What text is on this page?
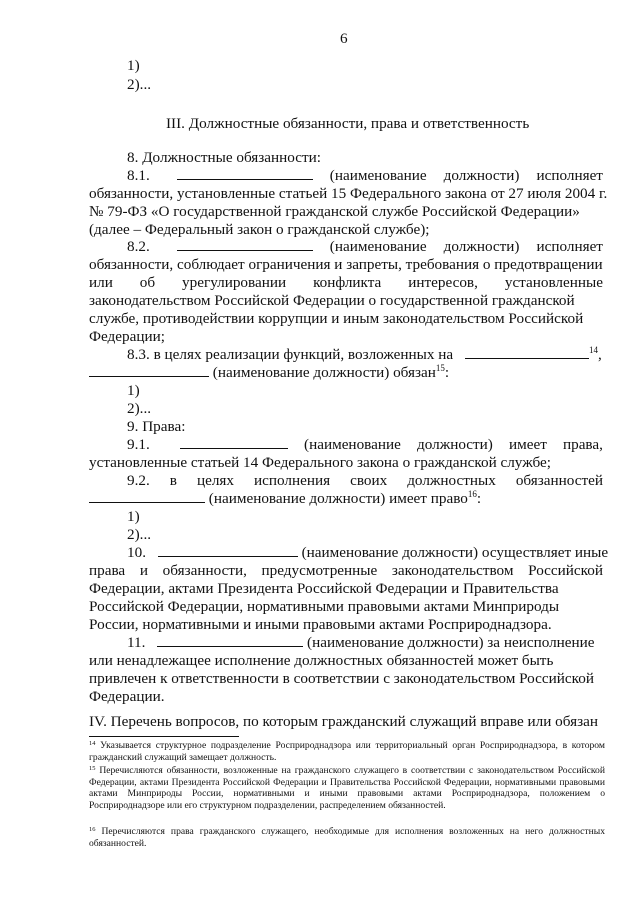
6
1)
2)...
III. Должностные обязанности, права и ответственность
8. Должностные обязанности:
8.1.	(наименование должности) исполняет
обязанности, установленные статьей 15 Федерального закона от 27 июля 2004 г.
№ 79-ФЗ «О государственной гражданской службе Российской Федерации»
(далее – Федеральный закон о гражданской службе);
8.2.	(наименование должности) исполняет
обязанности, соблюдает ограничения и запреты, требования о предотвращении
или об урегулировании конфликта интересов, установленные
законодательством Российской Федерации о государственной гражданской
службе, противодействии коррупции и иным законодательством Российской
Федерации;
8.3. в целях реализации функций, возложенных на	$^{14}$,
(наименование должности) обязан$^{15}$:
1)
2)...
9. Права:
9.1.	(наименование должности) имеет права,
установленные статьей 14 Федерального закона о гражданской службе;
9.2. в целях исполнения своих должностных обязанностей
(наименование должности) имеет право$^{16}$:
1)
2)...
10.	(наименование должности) осуществляет иные
права и обязанности, предусмотренные законодательством Российской
Федерации, актами Президента Российской Федерации и Правительства
Российской Федерации, нормативными правовыми актами Минприроды
России, нормативными и иными правовыми актами Росприроднадзора.
11.	(наименование должности) за неисполнение
или ненадлежащее исполнение должностных обязанностей может быть
привлечен к ответственности в соответствии с законодательством Российской
Федерации.
IV. Перечень вопросов, по которым гражданский служащий вправе или обязан
$^{14}$ Указывается структурное подразделение Росприроднадзора или территориальный орган Росприроднадзора, в котором гражданский служащий замещает должность.
$^{15}$ Перечисляются обязанности, возложенные на гражданского служащего в соответствии с законодательством Российской Федерации, актами Президента Российской Федерации и Правительства Российской Федерации, нормативными правовыми актами Минприроды России, нормативными и иными правовыми актами Росприроднадзора, положением о Росприроднадзоре или его структурном подразделении, распределением обязанностей.
$^{16}$ Перечисляются права гражданского служащего, необходимые для исполнения возложенных на него должностных обязанностей.
